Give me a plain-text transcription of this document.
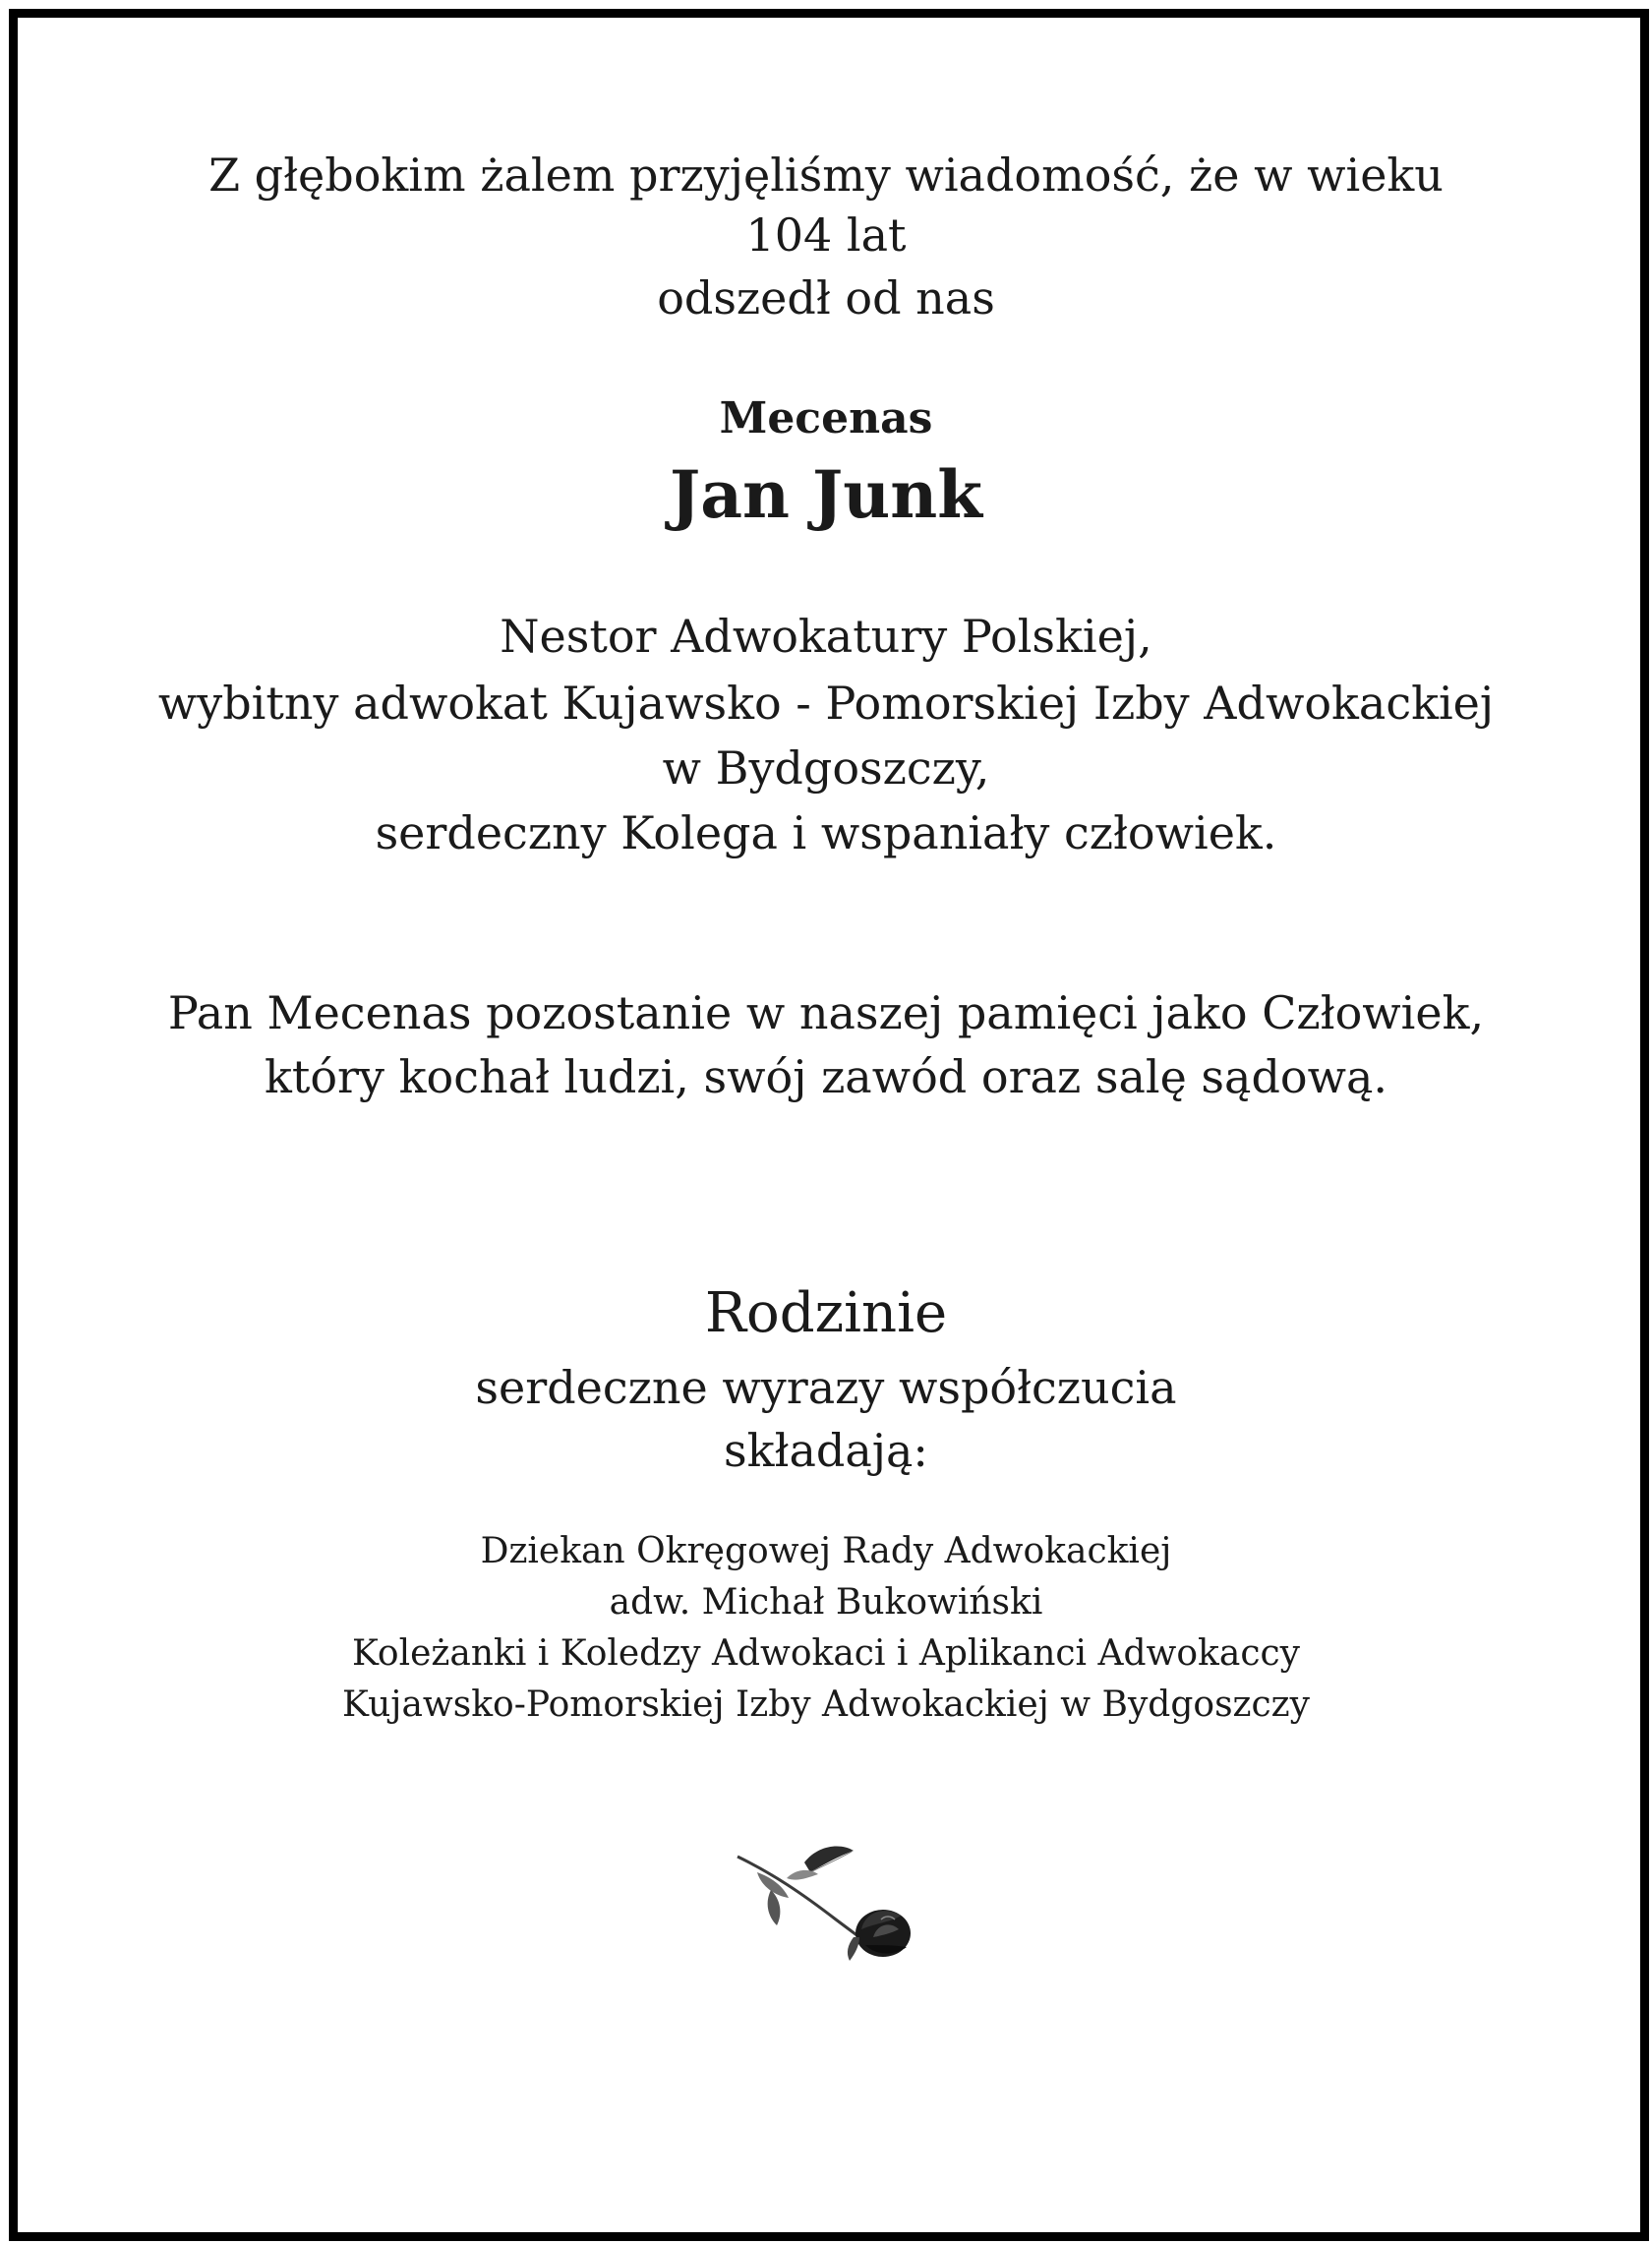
Z głębokim żalem przyjęliśmy wiadomość, że w wieku
104 lat
odszedł od nas
Mecenas
Jan Junk
Nestor Adwokatury Polskiej,
wybitny adwokat Kujawsko - Pomorskiej Izby Adwokackiej
w Bydgoszczy,
serdeczny Kolega i wspaniały człowiek.
Pan Mecenas pozostanie w naszej pamięci jako Człowiek,
który kochał ludzi, swój zawód oraz salę sądową.
Rodzinie
serdeczne wyrazy współczucia
składają:
Dziekan Okręgowej Rady Adwokackiej
adw. Michał Bukowiński
Koleżanki i Koledzy Adwokaci i Aplikanci Adwokaccy
Kujawsko-Pomorskiej Izby Adwokackiej w Bydgoszczy
